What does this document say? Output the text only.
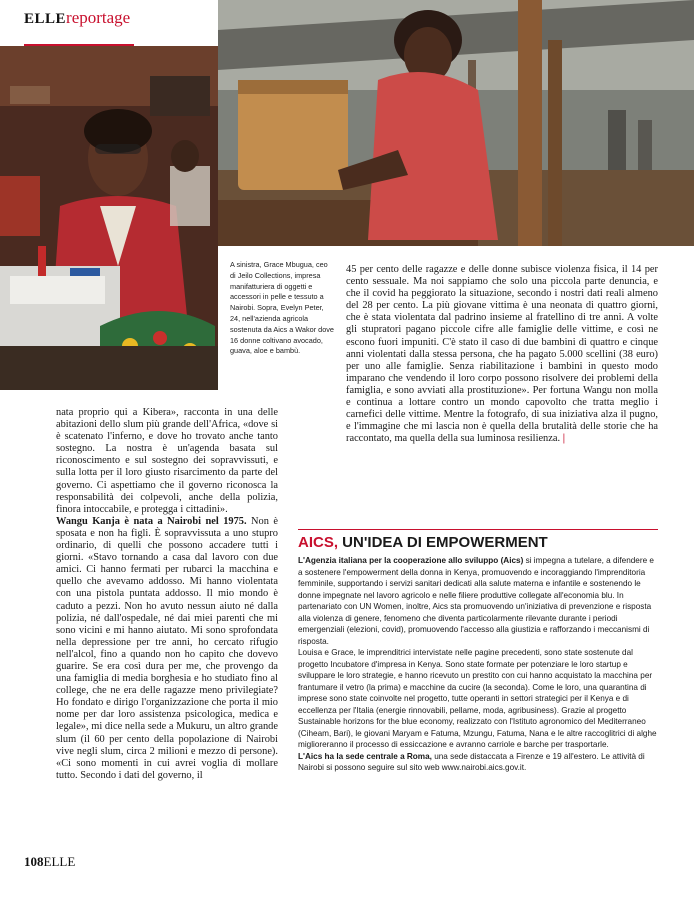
ELLEreportage
A sinistra, Grace Mbugua, ceo di Jeilo Collections, impresa manifatturiera di oggetti e accessori in pelle e tessuto a Nairobi. Sopra, Evelyn Peter, 24, nell'azienda agricola sostenuta da Aics a Wakor dove 16 donne coltivano avocado, guava, aloe e bambù.
45 per cento delle ragazze e delle donne subisce violenza fisica, il 14 per cento sessuale. Ma noi sappiamo che solo una piccola parte denuncia, e che il covid ha peggiorato la situazione, secondo i nostri dati reali almeno del 28 per cento. La più giovane vittima è una neonata di quattro giorni, che è stata violentata dal padrino insieme al fratellino di tre anni. A volte gli stupratori pagano piccole cifre alle famiglie delle vittime, e così ne escono fuori impuniti. C'è stato il caso di due bambini di quattro e cinque anni violentati dalla stessa persona, che ha pagato 5.000 scellini (38 euro) per uno alle famiglie. Senza riabilitazione i bambini in questo modo imparano che vendendo il loro corpo possono risolvere dei problemi della famiglia, e sono avviati alla prostituzione». Per fortuna Wangu non molla e continua a lottare contro un mondo capovolto che tratta meglio i carnefici delle vittime. Mentre la fotografo, di sua iniziativa alza il pugno, e l'immagine che mi lascia non è quella della brutalità delle storie che ha raccontato, ma quella della sua luminosa resilienza. |

nata proprio qui a Kibera», racconta in una delle abitazioni dello slum più grande dell'Africa, «dove si è scatenato l'inferno, e dove ho trovato anche tanto sostegno. La nostra è un'agenda basata sul riconoscimento e sul sostegno dei sopravvissuti, e sulla lotta per il loro giusto risarcimento da parte del governo. Ci aspettiamo che il governo riconosca la responsabilità dei colpevoli, anche della polizia, finora intoccabile, e protegga i cittadini».

Wangu Kanja è nata a Nairobi nel 1975. Non è sposata e non ha figli. È sopravvissuta a uno stupro ordinario, di quelli che possono accadere tutti i giorni. «Stavo tornando a casa dal lavoro con due amici. Ci hanno fermati per rubarci la macchina e quello che avevamo addosso. Mi hanno violentata con una pistola puntata addosso. Il mio mondo è caduto a pezzi. Non ho avuto nessun aiuto né dalla polizia, né dall'ospedale, né dai miei parenti che mi sono vicini e mi hanno aiutato. Mi sono sprofondata nella depressione per tre anni, ho cercato rifugio nell'alcol, fino a quando non ho capito che dovevo guarire. Se era così dura per me, che provengo da una famiglia di media borghesia e ho studiato fino al college, che ne era delle ragazze meno privilegiate? Ho fondato e dirigo l'organizzazione che porta il mio nome per dar loro assistenza psicologica, medica e legale», mi dice nella sede a Mukuru, un altro grande slum (il 60 per cento della popolazione di Nairobi vive negli slum, circa 2 milioni e mezzo di persone). «Ci sono momenti in cui avrei voglia di mollare tutto. Secondo i dati del governo, il

AICS, UN'IDEA DI EMPOWERMENT

L'Agenzia italiana per la cooperazione allo sviluppo (Aics) si impegna a tutelare, a difendere e a sostenere l'empowerment della donna in Kenya, promuovendo e incoraggiando l'imprenditoria femminile, supportando i servizi sanitari dedicati alla salute materna e infantile e sostenendo le donne impegnate nel lavoro agricolo e nelle filiere produttive collegate all'economia blu. In partenariato con UN Women, inoltre, Aics sta promuovendo un'iniziativa di prevenzione e risposta alla violenza di genere, fenomeno che diventa particolarmente rilevante durante i periodi emergenziali (elezioni, covid), promuovendo l'accesso alla giustizia e rafforzando i meccanismi di risposta.

Louisa e Grace, le imprenditrici intervistate nelle pagine precedenti, sono state sostenute dal progetto Incubatore d'impresa in Kenya. Sono state formate per potenziare le loro startup e sviluppare le loro strategie, e hanno ricevuto un prestito con cui hanno acquistato la macchina per frantumare il vetro (la prima) e macchine da cucire (la seconda). Come le loro, una quarantina di imprese sono state coinvolte nel progetto, tutte operanti in settori strategici per il Kenya e di eccellenza per l'Italia (energie rinnovabili, pellame, moda, agribusiness). Grazie al progetto Sustainable horizons for the blue economy, realizzato con l'Istituto agronomico del Mediterraneo (Ciheam, Bari), le giovani Maryam e Fatuma, Mzungu, Fatuma, Nana e le altre raccoglitrici di alghe miglioreranno il processo di essiccazione e avranno carriole e barche per trasportarle.

L'Aics ha la sede centrale a Roma, una sede distaccata a Firenze e 19 all'estero. Le attività di Nairobi si possono seguire sul sito web www.nairobi.aics.gov.it.

108ELLE
